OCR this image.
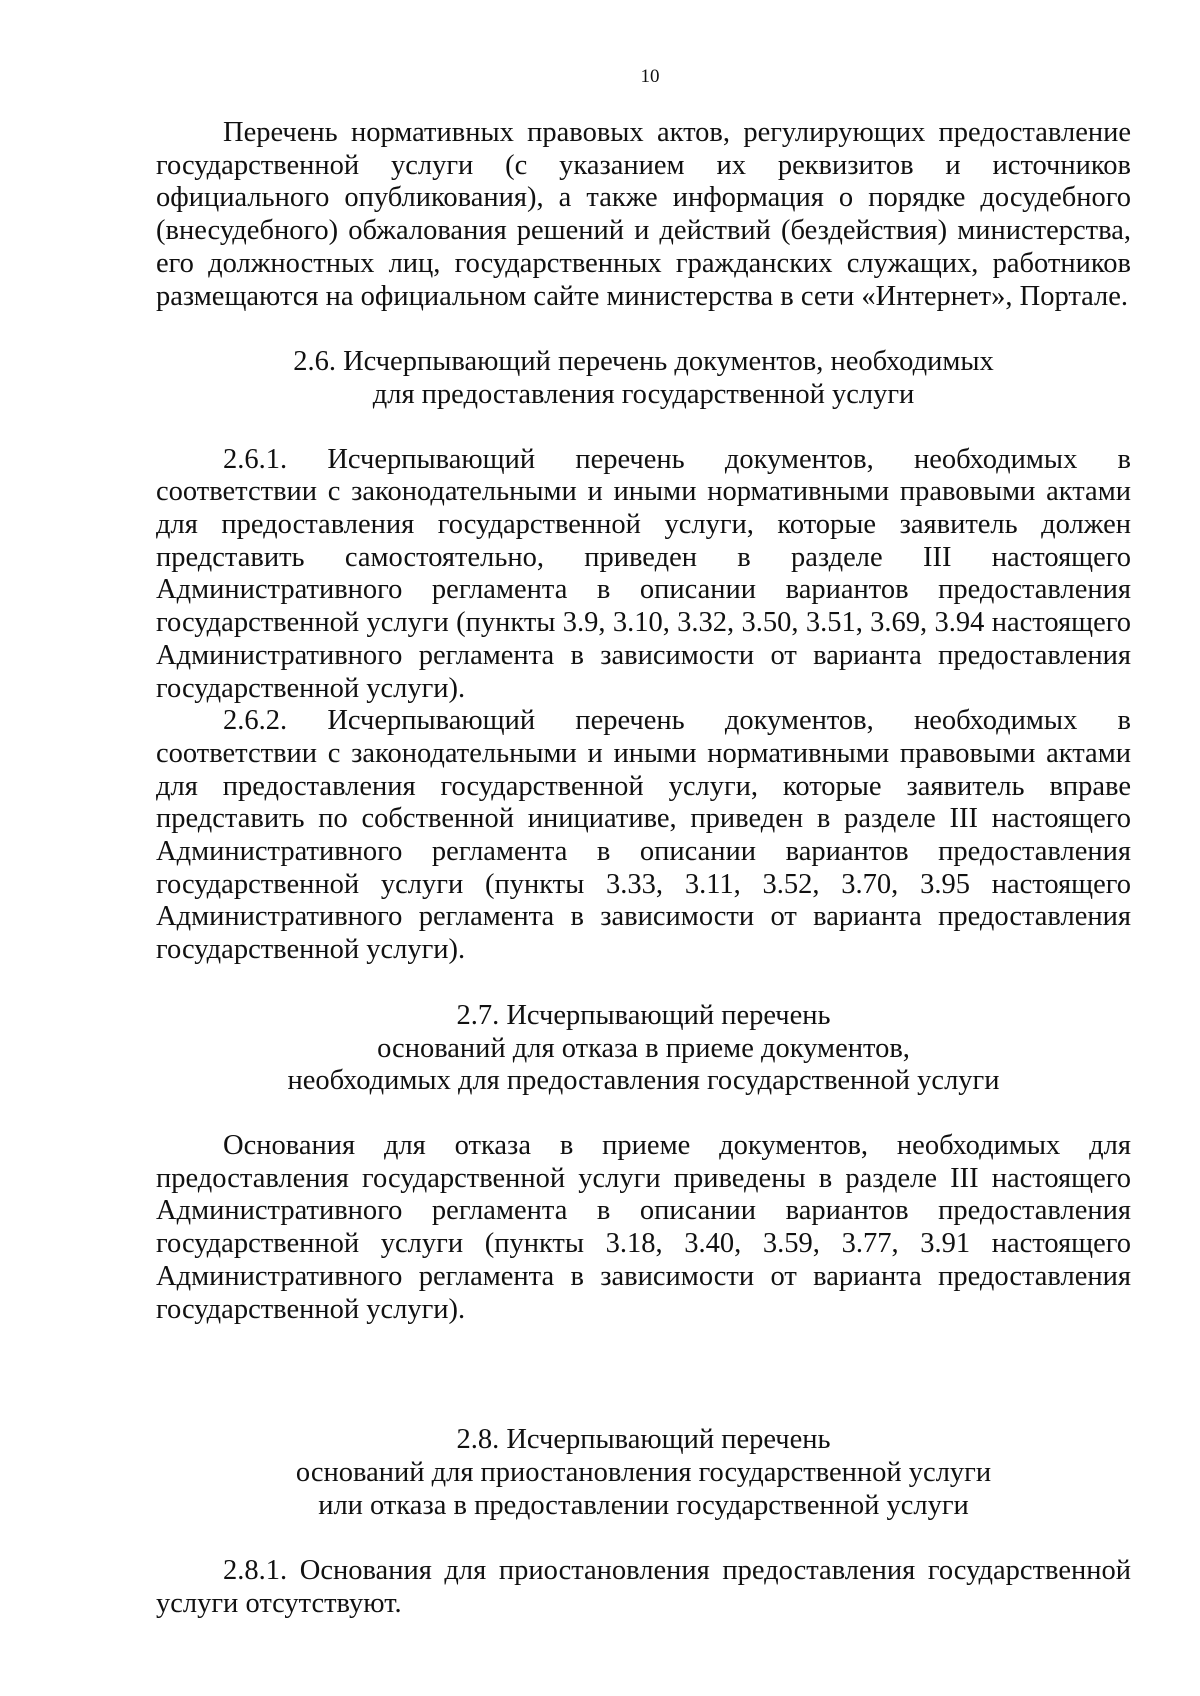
10

Перечень нормативных правовых актов, регулирующих предоставление государственной услуги (с указанием их реквизитов и источников официального опубликования), а также информация о порядке досудебного (внесудебного) обжалования решений и действий (бездействия) министерства, его должностных лиц, государственных гражданских служащих, работников размещаются на официальном сайте министерства в сети «Интернет», Портале.

2.6. Исчерпывающий перечень документов, необходимых
для предоставления государственной услуги

2.6.1. Исчерпывающий перечень документов, необходимых в соответствии с законодательными и иными нормативными правовыми актами для предоставления государственной услуги, которые заявитель должен представить самостоятельно, приведен в разделе III настоящего Административного регламента в описании вариантов предоставления государственной услуги (пункты 3.9, 3.10, 3.32, 3.50, 3.51, 3.69, 3.94 настоящего Административного регламента в зависимости от варианта предоставления государственной услуги).

2.6.2. Исчерпывающий перечень документов, необходимых в соответствии с законодательными и иными нормативными правовыми актами для предоставления государственной услуги, которые заявитель вправе представить по собственной инициативе, приведен в разделе III настоящего Административного регламента в описании вариантов предоставления государственной услуги (пункты 3.33, 3.11, 3.52, 3.70, 3.95 настоящего Административного регламента в зависимости от варианта предоставления государственной услуги).

2.7. Исчерпывающий перечень
оснований для отказа в приеме документов,
необходимых для предоставления государственной услуги

Основания для отказа в приеме документов, необходимых для предоставления государственной услуги приведены в разделе III настоящего Административного регламента в описании вариантов предоставления государственной услуги (пункты 3.18, 3.40, 3.59, 3.77, 3.91 настоящего Административного регламента в зависимости от варианта предоставления государственной услуги).

2.8. Исчерпывающий перечень
оснований для приостановления государственной услуги
или отказа в предоставлении государственной услуги

2.8.1. Основания для приостановления предоставления государственной услуги отсутствуют.
